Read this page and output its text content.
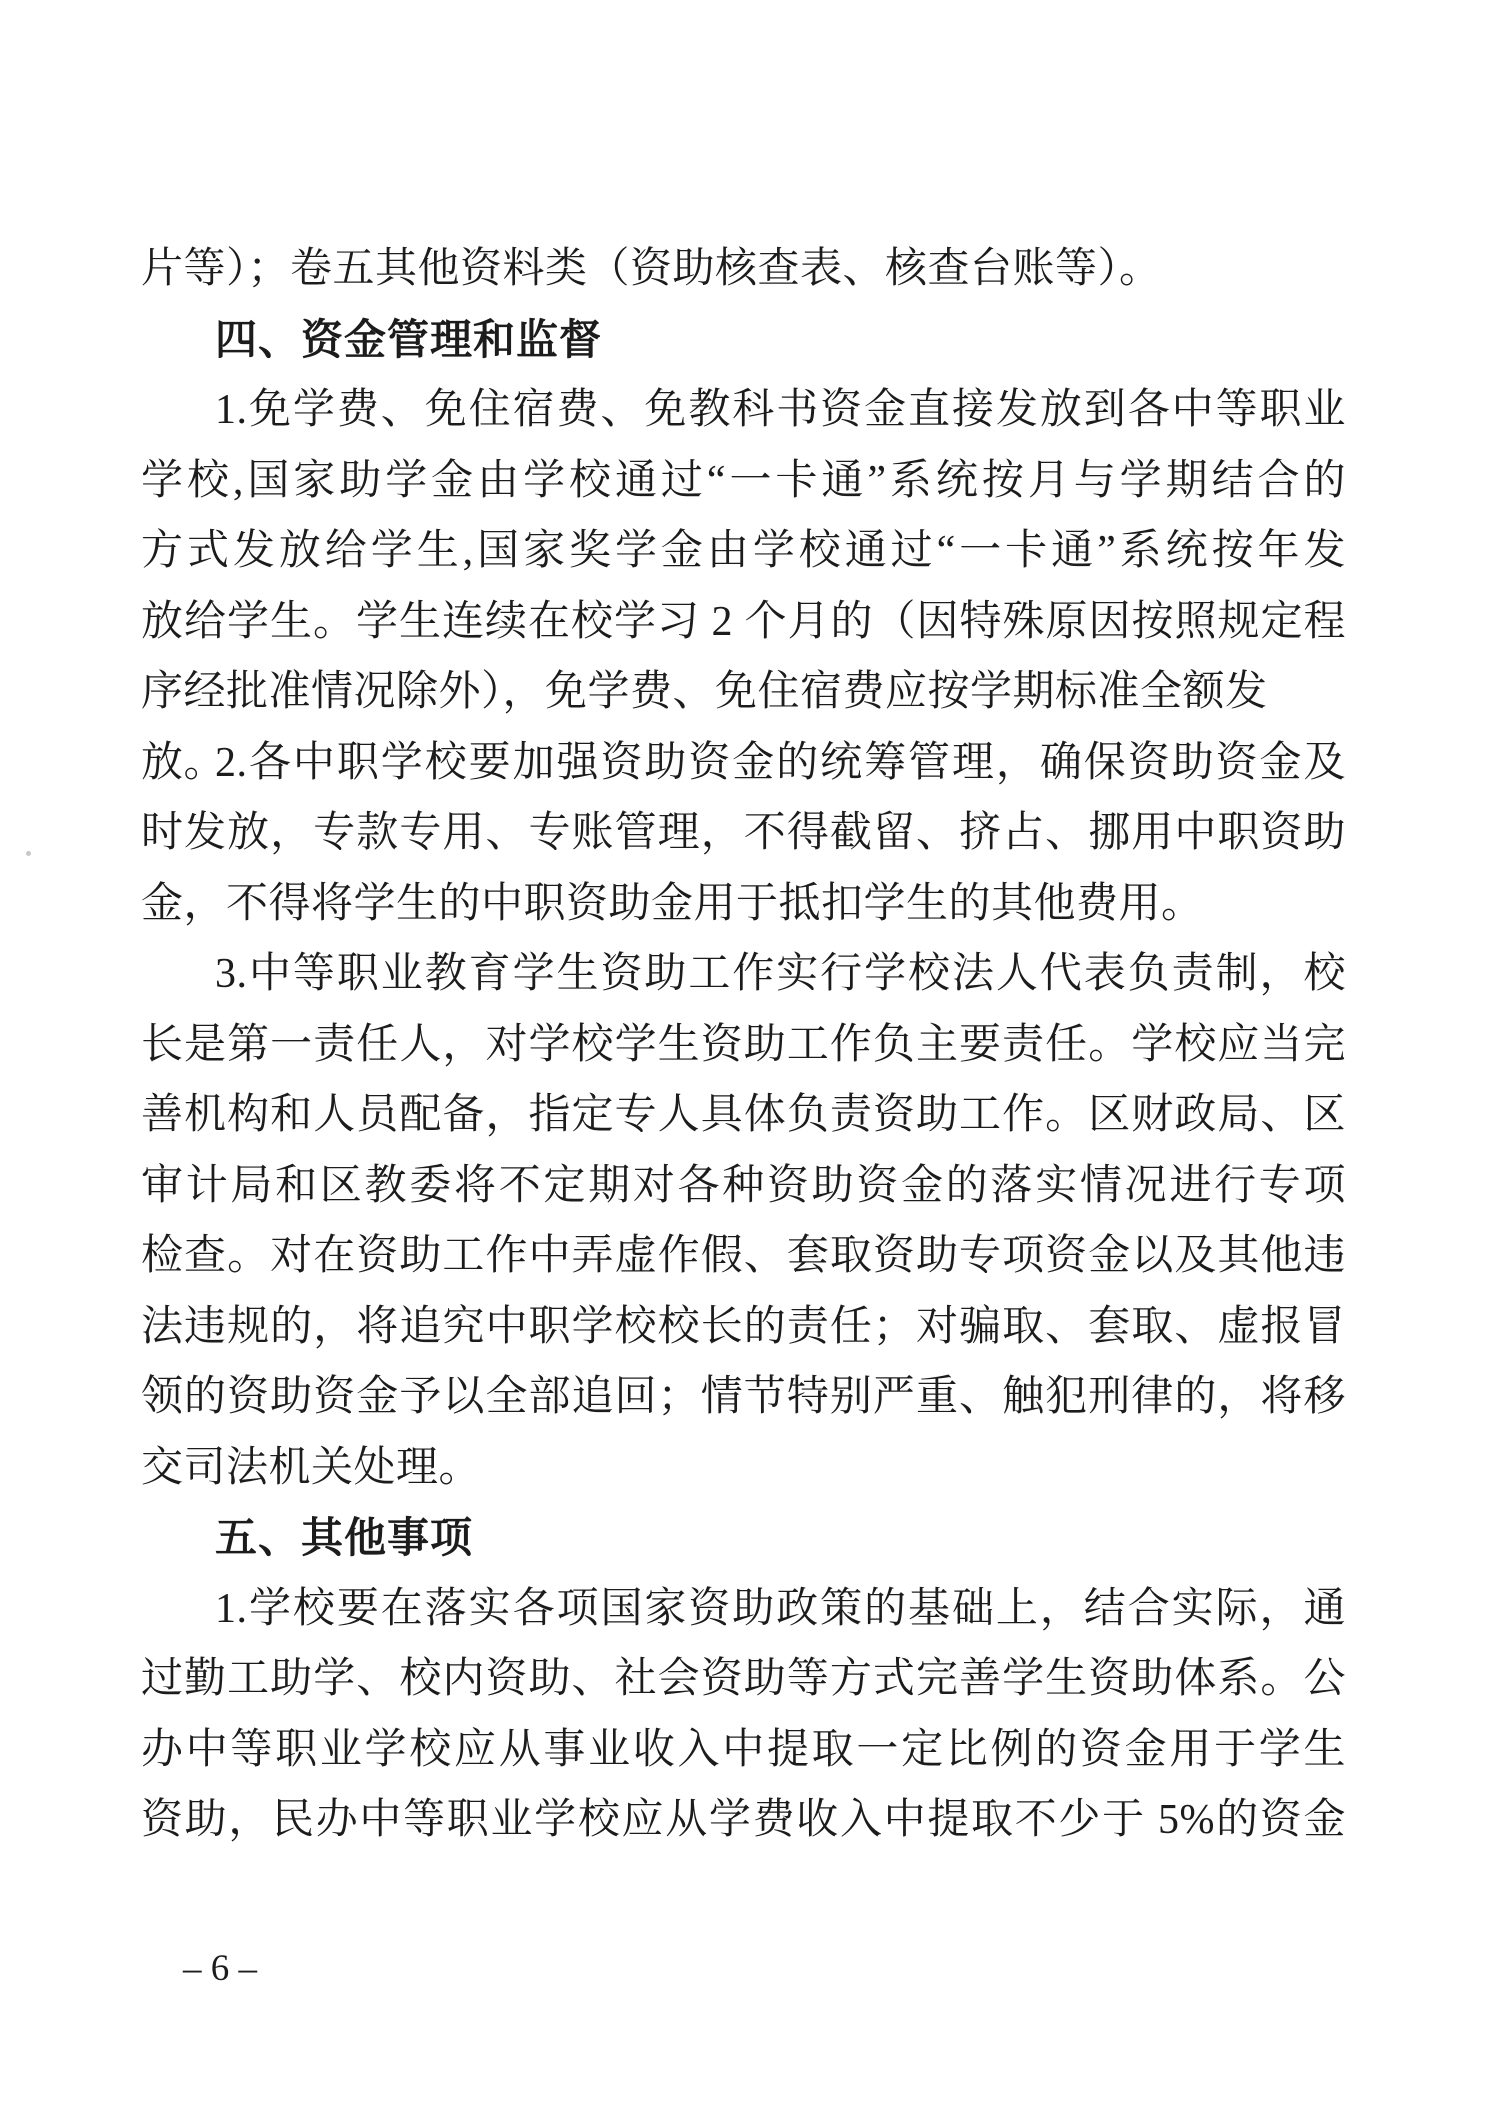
片等）；卷五其他资料类（资助核查表、核查台账等）。
四、资金管理和监督
1.免学费、免住宿费、免教科书资金直接发放到各中等职业
学校,国家助学金由学校通过“一卡通”系统按月与学期结合的
方式发放给学生,国家奖学金由学校通过“一卡通”系统按年发
放给学生。学生连续在校学习 2 个月的（因特殊原因按照规定程
序经批准情况除外），免学费、免住宿费应按学期标准全额发放。
2.各中职学校要加强资助资金的统筹管理，确保资助资金及
时发放，专款专用、专账管理，不得截留、挤占、挪用中职资助
金，不得将学生的中职资助金用于抵扣学生的其他费用。
3.中等职业教育学生资助工作实行学校法人代表负责制，校
长是第一责任人，对学校学生资助工作负主要责任。学校应当完
善机构和人员配备，指定专人具体负责资助工作。区财政局、区
审计局和区教委将不定期对各种资助资金的落实情况进行专项
检查。对在资助工作中弄虚作假、套取资助专项资金以及其他违
法违规的，将追究中职学校校长的责任；对骗取、套取、虚报冒
领的资助资金予以全部追回；情节特别严重、触犯刑律的，将移
交司法机关处理。
五、其他事项
1.学校要在落实各项国家资助政策的基础上，结合实际，通
过勤工助学、校内资助、社会资助等方式完善学生资助体系。公
办中等职业学校应从事业收入中提取一定比例的资金用于学生
资助，民办中等职业学校应从学费收入中提取不少于 5%的资金
– 6 –
